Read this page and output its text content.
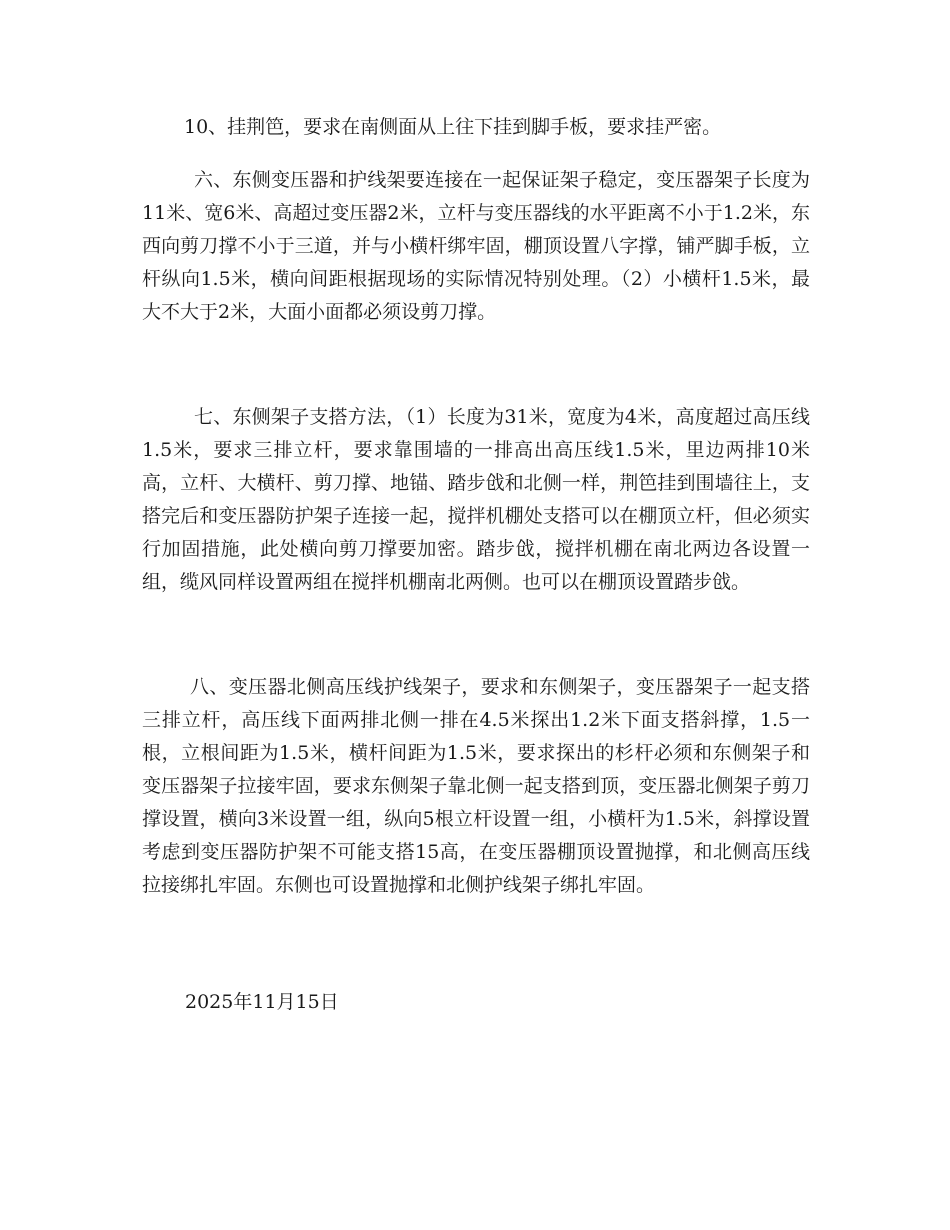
10、挂荆笆，要求在南侧面从上往下挂到脚手板，要求挂严密。

六、东侧变压器和护线架要连接在一起保证架子稳定，变压器架子长度为11米、宽6米、高超过变压器2米，立杆与变压器线的水平距离不小于1.2米，东西向剪刀撑不小于三道，并与小横杆绑牢固，棚顶设置八字撑，铺严脚手板，立杆纵向1.5米，横向间距根据现场的实际情况特别处理。（2）小横杆1.5米，最大不大于2米，大面小面都必须设剪刀撑。

七、东侧架子支搭方法，（1）长度为31米，宽度为4米，高度超过高压线1.5米，要求三排立杆，要求靠围墙的一排高出高压线1.5米，里边两排10米高，立杆、大横杆、剪刀撑、地锚、踏步戗和北侧一样，荆笆挂到围墙往上，支搭完后和变压器防护架子连接一起，搅拌机棚处支搭可以在棚顶立杆，但必须实行加固措施，此处横向剪刀撑要加密。踏步戗，搅拌机棚在南北两边各设置一组，缆风同样设置两组在搅拌机棚南北两侧。也可以在棚顶设置踏步戗。

八、变压器北侧高压线护线架子，要求和东侧架子，变压器架子一起支搭三排立杆，高压线下面两排北侧一排在4.5米探出1.2米下面支搭斜撑，1.5一根，立根间距为1.5米，横杆间距为1.5米，要求探出的杉杆必须和东侧架子和变压器架子拉接牢固，要求东侧架子靠北侧一起支搭到顶，变压器北侧架子剪刀撑设置，横向3米设置一组，纵向5根立杆设置一组，小横杆为1.5米，斜撑设置考虑到变压器防护架不可能支搭15高，在变压器棚顶设置抛撑，和北侧高压线拉接绑扎牢固。东侧也可设置抛撑和北侧护线架子绑扎牢固。

2025年11月15日
